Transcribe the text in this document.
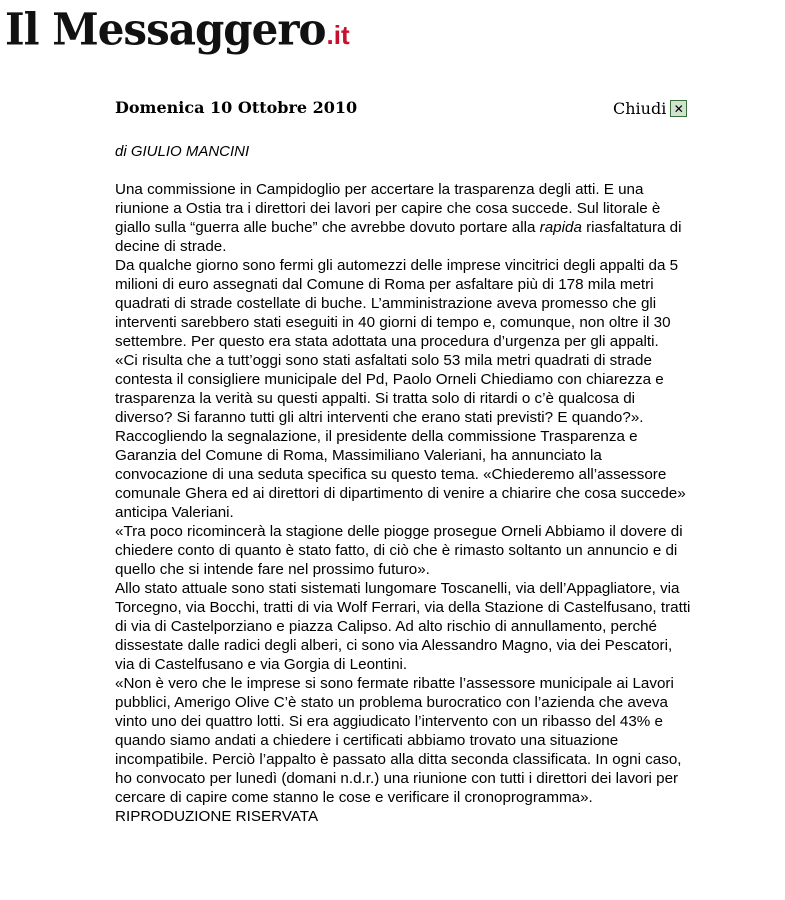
Il Messaggero.it
Domenica 10 Ottobre 2010	Chiudi ✕
di GIULIO MANCINI

Una commissione in Campidoglio per accertare la trasparenza degli atti. E una riunione a Ostia tra i direttori dei lavori per capire che cosa succede. Sul litorale è giallo sulla “guerra alle buche” che avrebbe dovuto portare alla rapida riasfaltatura di decine di strade.

Da qualche giorno sono fermi gli automezzi delle imprese vincitrici degli appalti da 5 milioni di euro assegnati dal Comune di Roma per asfaltare più di 178 mila metri quadrati di strade costellate di buche. L’amministrazione aveva promesso che gli interventi sarebbero stati eseguiti in 40 giorni di tempo e, comunque, non oltre il 30 settembre. Per questo era stata adottata una procedura d’urgenza per gli appalti.

«Ci risulta che a tutt’oggi sono stati asfaltati solo 53 mila metri quadrati di strade contesta il consigliere municipale del Pd, Paolo Orneli Chiediamo con chiarezza e trasparenza la verità su questi appalti. Si tratta solo di ritardi o c’è qualcosa di diverso? Si faranno tutti gli altri interventi che erano stati previsti? E quando?».

Raccogliendo la segnalazione, il presidente della commissione Trasparenza e Garanzia del Comune di Roma, Massimiliano Valeriani, ha annunciato la convocazione di una seduta specifica su questo tema. «Chiederemo all’assessore comunale Ghera ed ai direttori di dipartimento di venire a chiarire che cosa succede» anticipa Valeriani.

«Tra poco ricomincerà la stagione delle piogge prosegue Orneli Abbiamo il dovere di chiedere conto di quanto è stato fatto, di ciò che è rimasto soltanto un annuncio e di quello che si intende fare nel prossimo futuro».

Allo stato attuale sono stati sistemati lungomare Toscanelli, via dell’Appagliatore, via Torcegno, via Bocchi, tratti di via Wolf Ferrari, via della Stazione di Castelfusano, tratti di via di Castelporziano e piazza Calipso. Ad alto rischio di annullamento, perché dissestate dalle radici degli alberi, ci sono via Alessandro Magno, via dei Pescatori, via di Castelfusano e via Gorgia di Leontini.

«Non è vero che le imprese si sono fermate ribatte l’assessore municipale ai Lavori pubblici, Amerigo Olive C’è stato un problema burocratico con l’azienda che aveva vinto uno dei quattro lotti. Si era aggiudicato l’intervento con un ribasso del 43% e quando siamo andati a chiedere i certificati abbiamo trovato una situazione incompatibile. Perciò l’appalto è passato alla ditta seconda classificata. In ogni caso, ho convocato per lunedì (domani n.d.r.) una riunione con tutti i direttori dei lavori per cercare di capire come stanno le cose e verificare il cronoprogramma».

RIPRODUZIONE RISERVATA
